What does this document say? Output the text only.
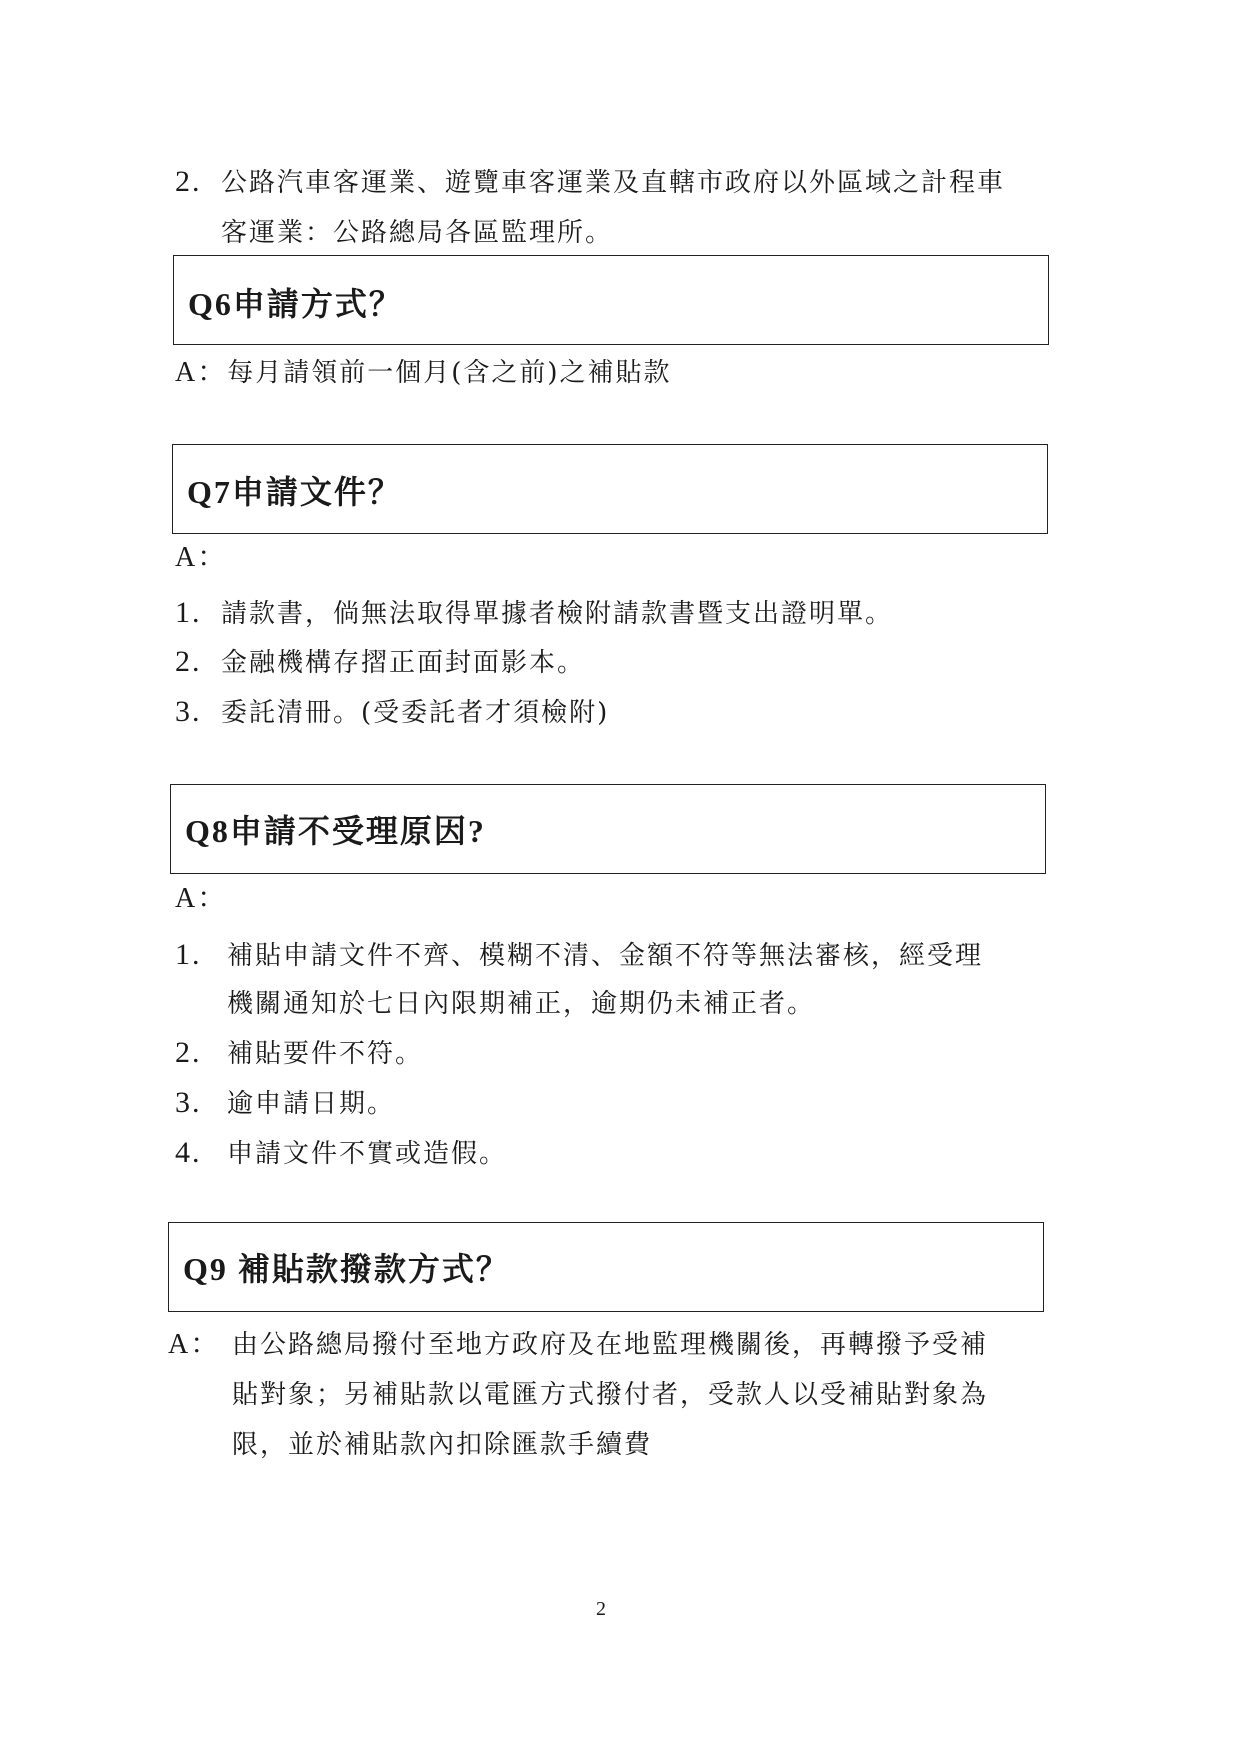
2. 公路汽車客運業、遊覽車客運業及直轄市政府以外區域之計程車
客運業：公路總局各區監理所。
Q6申請方式？
A：每月請領前一個月(含之前)之補貼款
Q7申請文件？
A：
1. 請款書，倘無法取得單據者檢附請款書暨支出證明單。
2. 金融機構存摺正面封面影本。
3. 委託清冊。(受委託者才須檢附)
Q8申請不受理原因?
A：
1. 補貼申請文件不齊、模糊不清、金額不符等無法審核，經受理
機關通知於七日內限期補正，逾期仍未補正者。
2. 補貼要件不符。
3. 逾申請日期。
4. 申請文件不實或造假。
Q9 補貼款撥款方式？
A： 由公路總局撥付至地方政府及在地監理機關後，再轉撥予受補
貼對象；另補貼款以電匯方式撥付者，受款人以受補貼對象為
限，並於補貼款內扣除匯款手續費
2
